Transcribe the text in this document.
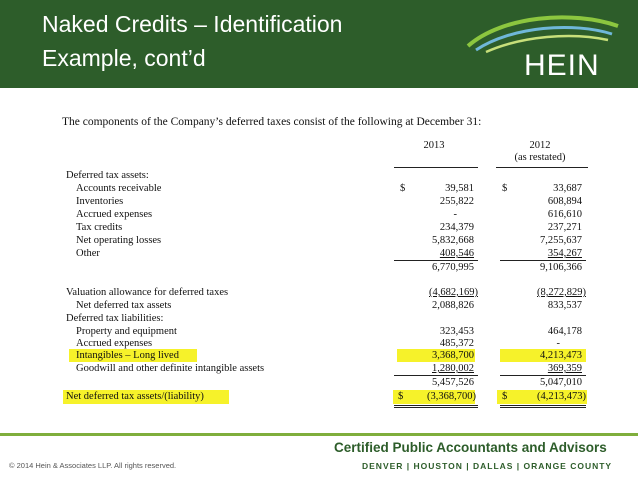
Naked Credits – Identification
Example, cont’d	HEIN
The components of the Company’s deferred taxes consist of the following at December 31:
2013	2012
(as restated)
Deferred tax assets:
Accounts receivable	$	39,581	$	33,687
Inventories	255,822	608,894
Accrued expenses	-	616,610
Tax credits	234,379	237,271
Net operating losses	5,832,668	7,255,637
Other	408,546	354,267
6,770,995	9,106,366
Valuation allowance for deferred taxes	(4,682,169)	(8,272,829)
Net deferred tax assets	2,088,826	833,537
Deferred tax liabilities:
Property and equipment	323,453	464,178
Accrued expenses	485,372	-
Intangibles – Long lived	3,368,700	4,213,473
Goodwill and other definite intangible assets	1,280,002	369,359
5,457,526	5,047,010
Net deferred tax assets/(liability)	$	(3,368,700) $	(4,213,473)
© 2014 Hein & Associates LLP. All rights reserved.
Certified Public Accountants and Advisors
DENVER | HOUSTON | DALLAS | ORANGE COUNTY
